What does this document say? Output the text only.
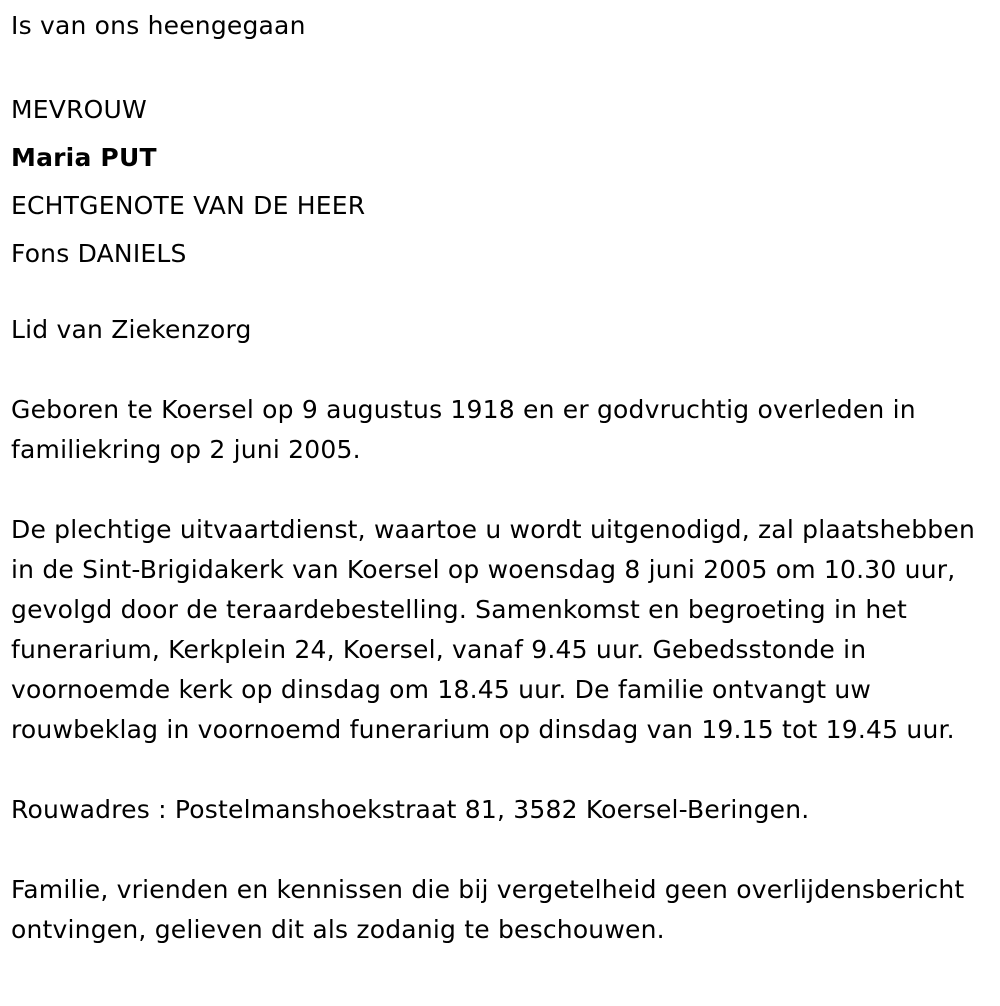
Is van ons heengegaan

MEVROUW
Maria PUT
ECHTGENOTE VAN DE HEER
Fons DANIELS

Lid van Ziekenzorg

Geboren te Koersel op 9 augustus 1918 en er godvruchtig overleden in familiekring op 2 juni 2005.

De plechtige uitvaartdienst, waartoe u wordt uitgenodigd, zal plaatshebben in de Sint-Brigidakerk van Koersel op woensdag 8 juni 2005 om 10.30 uur, gevolgd door de teraardebestelling. Samenkomst en begroeting in het funerarium, Kerkplein 24, Koersel, vanaf 9.45 uur. Gebedsstonde in voornoemde kerk op dinsdag om 18.45 uur. De familie ontvangt uw rouwbeklag in voornoemd funerarium op dinsdag van 19.15 tot 19.45 uur.

Rouwadres : Postelmanshoekstraat 81, 3582 Koersel-Beringen.

Familie, vrienden en kennissen die bij vergetelheid geen overlijdensbericht ontvingen, gelieven dit als zodanig te beschouwen.
